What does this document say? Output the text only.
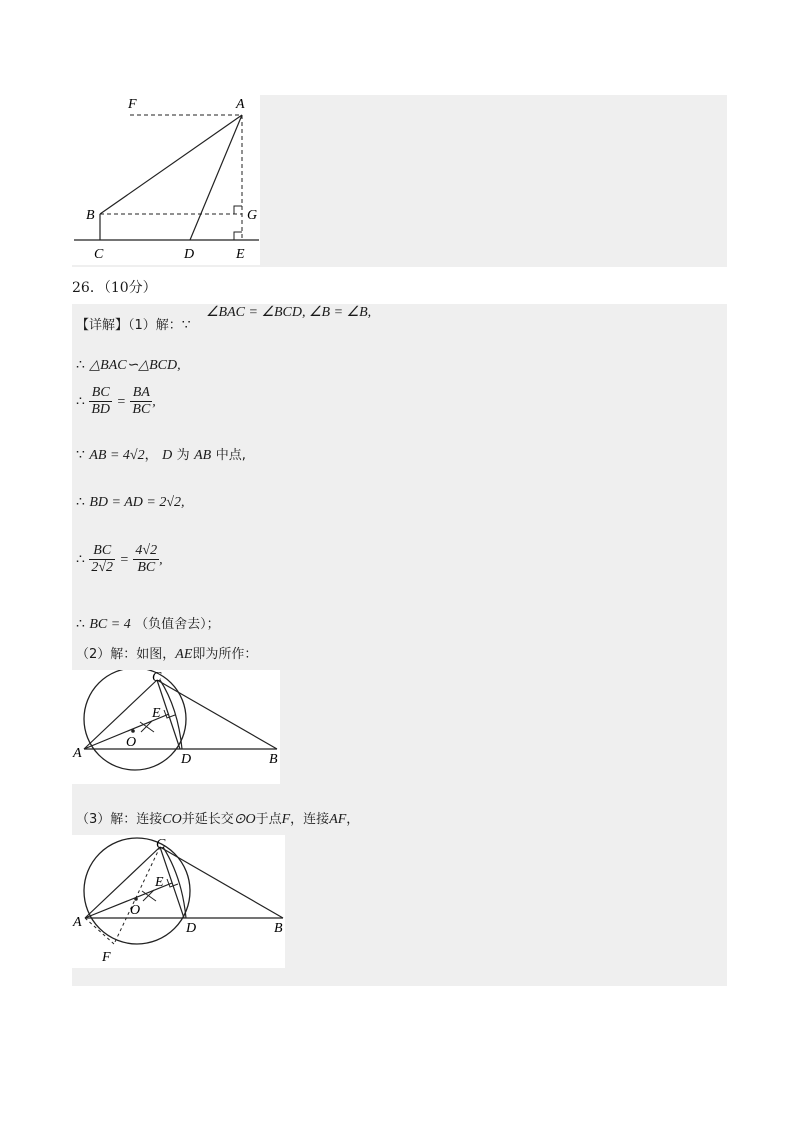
F	A
B	G
C	D	E
26．（10分）
【详解】（1）解：∵
∠BAC = ∠BCD, ∠B = ∠B,
∴ △BAC∽△BCD,
∴ $\frac{BC}{BD} = \frac{BA}{BC}$ ,
∵ AB = 4√2， D 为 AB 中点,
∴ BD = AD = 2√2,
∴ $\frac{BC}{2√2} = \frac{4√2}{BC}$ ,
∴ BC = 4 （负值舍去）；
（2）解：如图，AE即为所作：
C
E
O
A	D	B
（3）解：连接CO并延长交⊙O于点F，连接AF，
C
E
O
A	D	B
F
